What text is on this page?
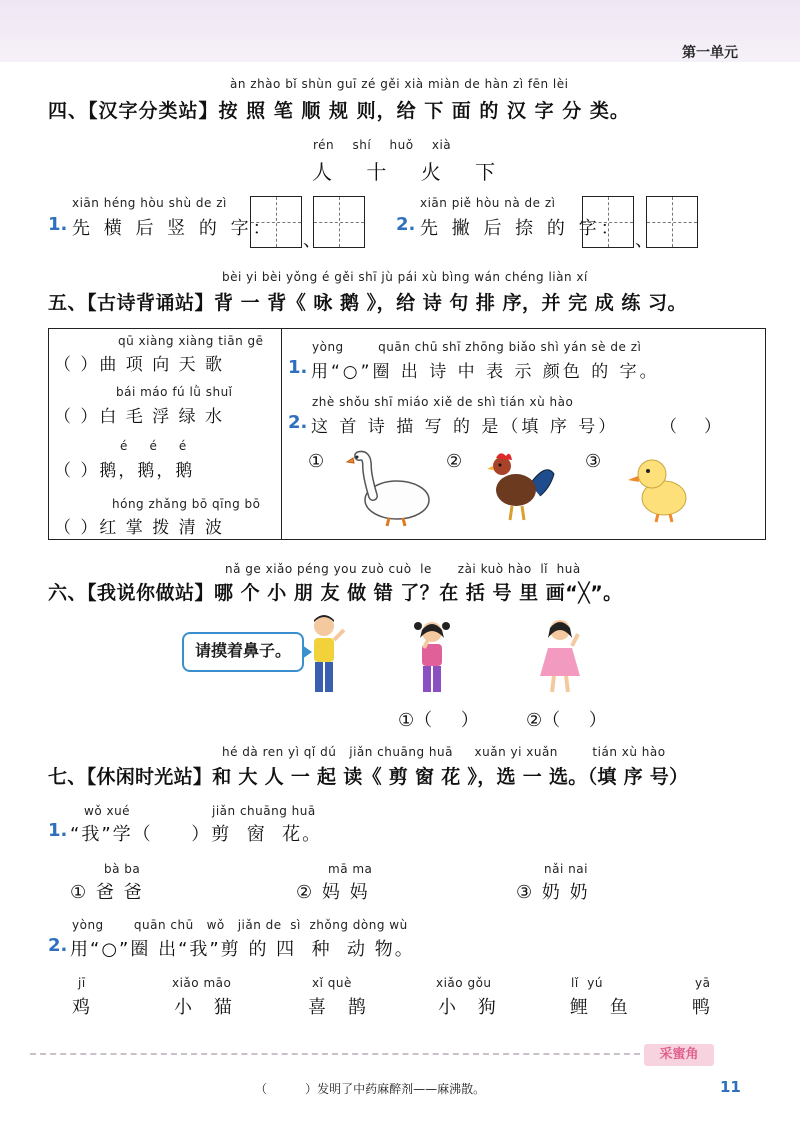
第一单元
àn zhào bǐ shùn guī zé gěi xià miàn de hàn zì fēn lèi
四、【汉字分类站】按 照 笔 顺 规 则，给 下 面 的 汉 字 分 类。
rén shí huǒ xià
人 十 火 下
xiān héng hòu shù de zì
1. 先 横 后 竖 的 字：
、
xiān piě hòu nà de zì
2. 先 撇 后 捺 的 字：
、
bèi yi bèi yǒng é gěi shī jù pái xù bìng wán chéng liàn xí
五、【古诗背诵站】背 一 背《 咏 鹅 》，给 诗 句 排 序，并 完 成 练 习。
qū xiàng xiàng tiān gē
（ ）曲 项 向 天 歌
bái máo fú lǜ shuǐ
（ ）白 毛 浮 绿 水
é     é     é
（ ）鹅，鹅，鹅
hóng zhǎng bō qīng bō
（ ）红 掌 拨 清 波
yòng        quān chū shī zhōng biǎo shì yán sè de zì
1. 用“○”圈 出 诗 中 表 示 颜色 的 字。
zhè shǒu shī miáo xiě de shì tián xù hào
2. 这 首 诗 描 写 的 是（填 序 号） （     ）
①	②	③
nǎ ge xiǎo péng you zuò cuò  le      zài kuò hào  lǐ  huà
六、【我说你做站】哪 个 小 朋 友 做 错 了？在 括 号 里 画“╳”。
请摸着鼻子。
①（     ）	②（     ）
hé dà ren yì qǐ dú   jiǎn chuāng huā     xuǎn yi xuǎn        tián xù hào
七、【休闲时光站】和 大 人 一 起 读《 剪 窗 花 》，选 一 选。（填 序 号）
wǒ xué	jiǎn chuāng huā
1. “我”学（     ）剪  窗  花。
bà ba
① 爸 爸
mā ma
② 妈 妈
nǎi nai
③ 奶 奶
yòng       quān chū   wǒ   jiǎn de  sì  zhǒng dòng wù
2. 用“○”圈 出“我”剪 的 四  种  动 物。
jī
鸡
xiǎo māo
小 猫
xǐ què
喜 鹊
xiǎo gǒu
小 狗
lǐ  yú
鲤 鱼
yā
鸭
采蜜角
（          ）发明了中药麻醉剂——麻沸散。	11
